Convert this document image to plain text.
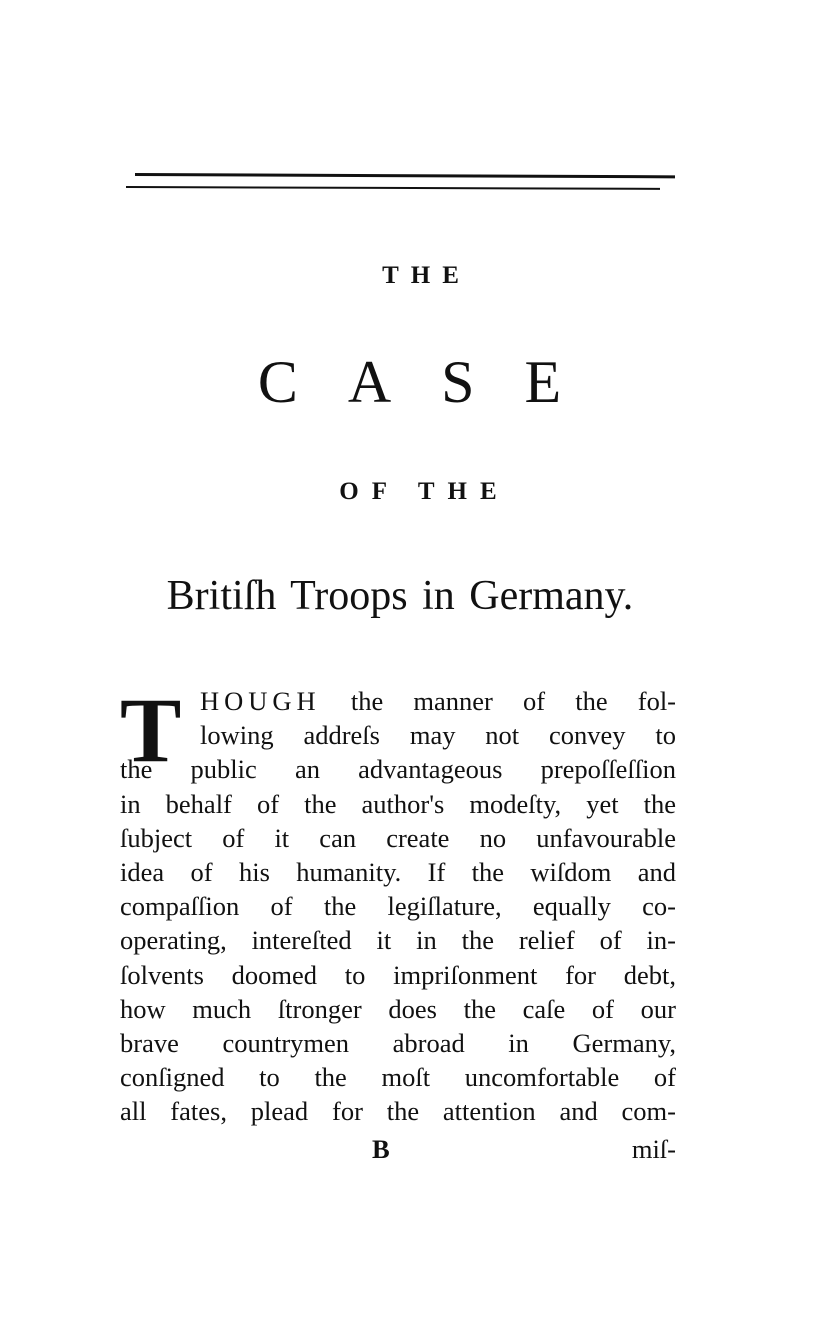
THE
CASE
OF THE
Britiſh Troops in Germany.
T HOUGH the manner of the fol-
lowing addreſs may not convey to
the public an advantageous prepoſſeſſion
in behalf of the author's modeſty, yet the
ſubject of it can create no unfavourable
idea of his humanity. If the wiſdom and
compaſſion of the legiſlature, equally co-
operating, intereſted it in the relief of in-
ſolvents doomed to impriſonment for debt,
how much ſtronger does the caſe of our
brave countrymen abroad in Germany,
conſigned to the moſt uncomfortable of
all fates, plead for the attention and com-
B	miſ-
